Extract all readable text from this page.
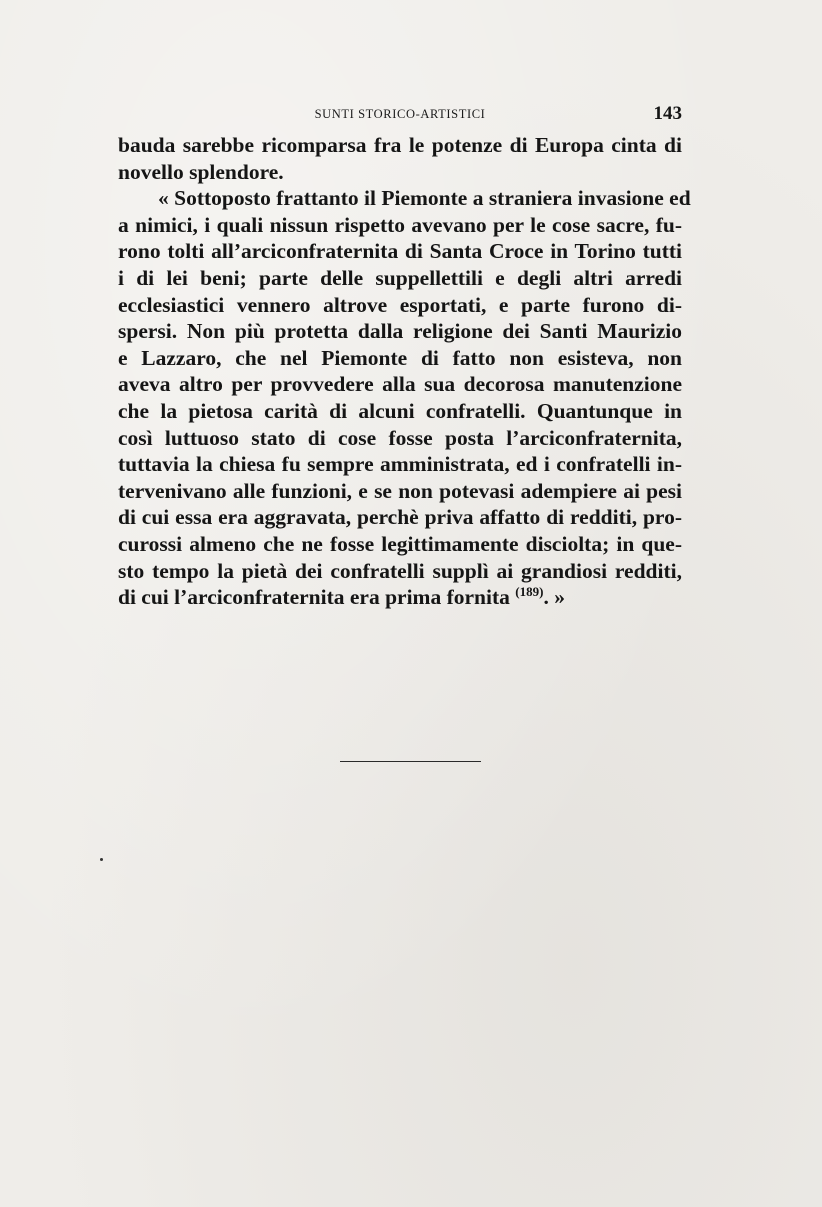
SUNTI STORICO-ARTISTICI	143
bauda sarebbe ricomparsa fra le potenze di Europa cinta di
novello splendore.
« Sottoposto frattanto il Piemonte a straniera invasione ed
a nimici, i quali nissun rispetto avevano per le cose sacre, fu-
rono tolti all’arciconfraternita di Santa Croce in Torino tutti
i di lei beni; parte delle suppellettili e degli altri arredi
ecclesiastici vennero altrove esportati, e parte furono di-
spersi. Non più protetta dalla religione dei Santi Maurizio
e Lazzaro, che nel Piemonte di fatto non esisteva, non
aveva altro per provvedere alla sua decorosa manutenzione
che la pietosa carità di alcuni confratelli. Quantunque in
così luttuoso stato di cose fosse posta l’arciconfraternita,
tuttavia la chiesa fu sempre amministrata, ed i confratelli in-
tervenivano alle funzioni, e se non potevasi adempiere ai pesi
di cui essa era aggravata, perchè priva affatto di redditi, pro-
curossi almeno che ne fosse legittimamente disciolta; in que-
sto tempo la pietà dei confratelli supplì ai grandiosi redditi,
di cui l’arciconfraternita era prima fornita $^{(189)}$. »
